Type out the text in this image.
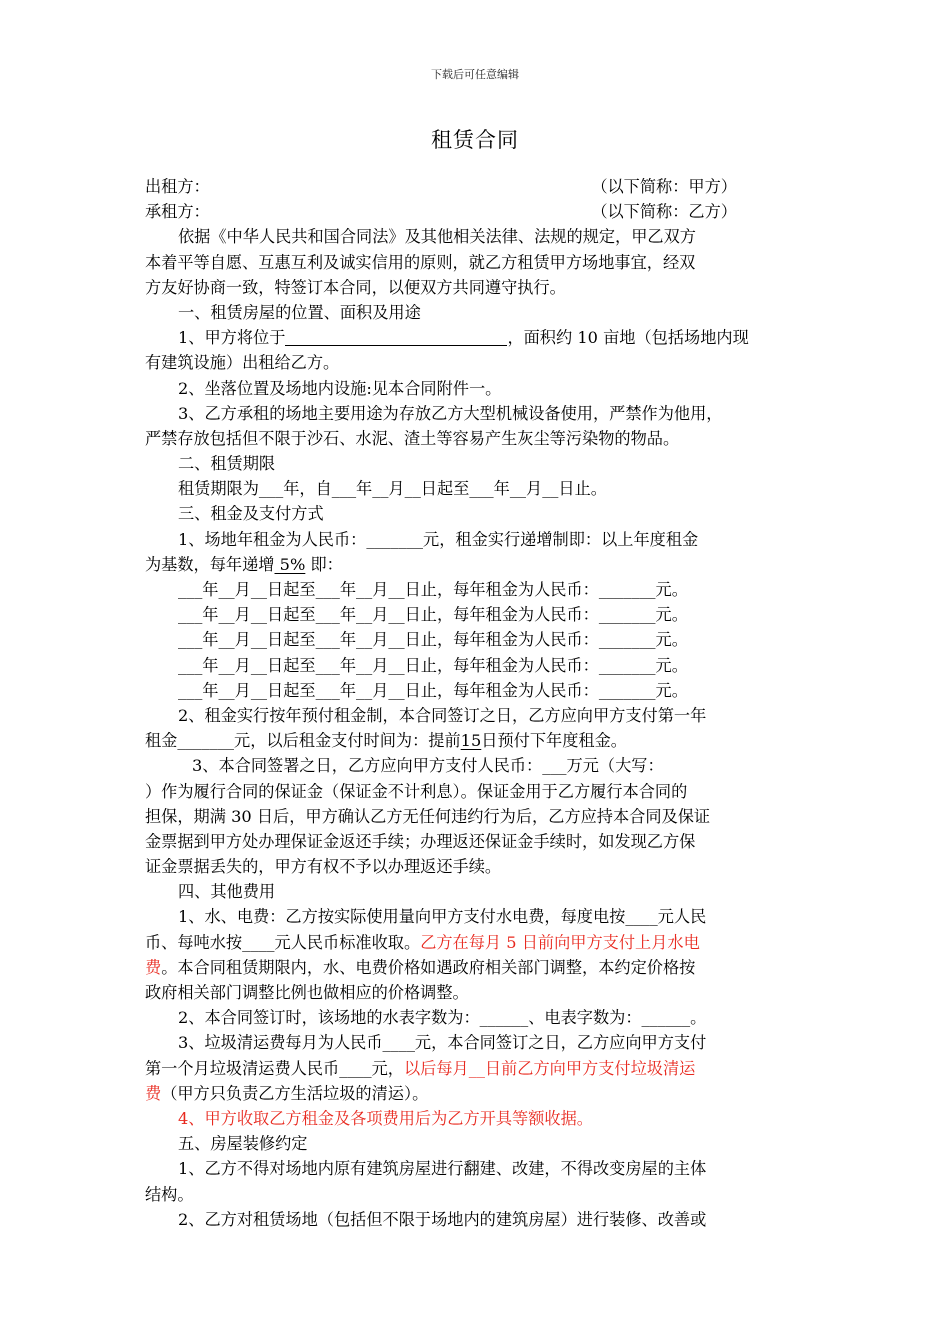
下载后可任意编辑
租赁合同
出租方：	（以下简称：甲方）
承租方：	（以下简称：乙方）
依据《中华人民共和国合同法》及其他相关法律、法规的规定，甲乙双方
本着平等自愿、互惠互利及诚实信用的原则，就乙方租赁甲方场地事宜，经双
方友好协商一致，特签订本合同，以便双方共同遵守执行。
一、租赁房屋的位置、面积及用途
1、甲方将位于	，面积约 10 亩地（包括场地内现
有建筑设施）出租给乙方。
2、坐落位置及场地内设施:见本合同附件一。
3、乙方承租的场地主要用途为存放乙方大型机械设备使用，严禁作为他用，
严禁存放包括但不限于沙石、水泥、渣土等容易产生灰尘等污染物的物品。
二、租赁期限
租赁期限为___年，自___年__月__日起至___年__月__日止。
三、租金及支付方式
1、场地年租金为人民币：_______元，租金实行递增制即：以上年度租金
为基数，每年递增 5% 即：
___年__月__日起至___年__月__日止，每年租金为人民币：_______元。
___年__月__日起至___年__月__日止，每年租金为人民币：_______元。
___年__月__日起至___年__月__日止，每年租金为人民币：_______元。
___年__月__日起至___年__月__日止，每年租金为人民币：_______元。
___年__月__日起至___年__月__日止，每年租金为人民币：_______元。
2、租金实行按年预付租金制，本合同签订之日，乙方应向甲方支付第一年
租金_______元，以后租金支付时间为：提前15日预付下年度租金。
3、本合同签署之日，乙方应向甲方支付人民币：___万元（大写：
）作为履行合同的保证金（保证金不计利息）。保证金用于乙方履行本合同的
担保，期满 30 日后，甲方确认乙方无任何违约行为后，乙方应持本合同及保证
金票据到甲方处办理保证金返还手续；办理返还保证金手续时，如发现乙方保
证金票据丢失的，甲方有权不予以办理返还手续。
四、其他费用
1、水、电费：乙方按实际使用量向甲方支付水电费，每度电按____元人民
币、每吨水按____元人民币标准收取。乙方在每月 5 日前向甲方支付上月水电
费。本合同租赁期限内，水、电费价格如遇政府相关部门调整，本约定价格按
政府相关部门调整比例也做相应的价格调整。
2、本合同签订时，该场地的水表字数为：______、电表字数为：______。
3、垃圾清运费每月为人民币____元，本合同签订之日，乙方应向甲方支付
第一个月垃圾清运费人民币____元，以后每月__日前乙方向甲方支付垃圾清运
费（甲方只负责乙方生活垃圾的清运）。
4、甲方收取乙方租金及各项费用后为乙方开具等额收据。
五、房屋装修约定
1、乙方不得对场地内原有建筑房屋进行翻建、改建，不得改变房屋的主体
结构。
2、乙方对租赁场地（包括但不限于场地内的建筑房屋）进行装修、改善或
